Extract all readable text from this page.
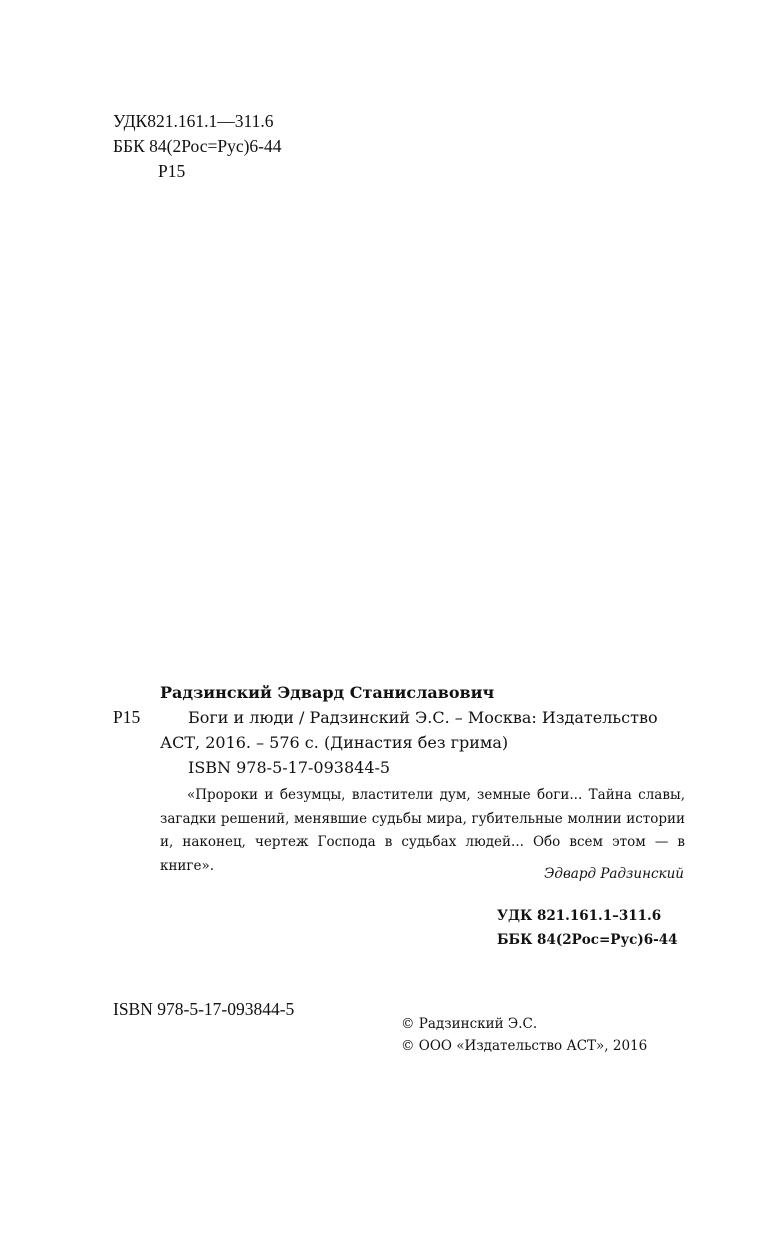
УДК821.161.1—311.6
ББК 84(2Рос=Рус)6-44
Р15
Радзинский Эдвард Станиславович
Р15	Боги и люди / Радзинский Э.С. – Москва: Издательство
АСТ, 2016. – 576 с. (Династия без грима)
ISBN 978-5-17-093844-5
«Пророки и безумцы, властители дум, земные боги... Тайна славы, загадки решений, менявшие судьбы мира, губительные молнии истории и, наконец, чертеж Господа в судьбах людей... Обо всем этом — в книге».
Эдвард Радзинский
УДК 821.161.1–311.6
ББК 84(2Рос=Рус)6-44
ISBN 978-5-17-093844-5
© Радзинский Э.С.
© ООО «Издательство АСТ», 2016
